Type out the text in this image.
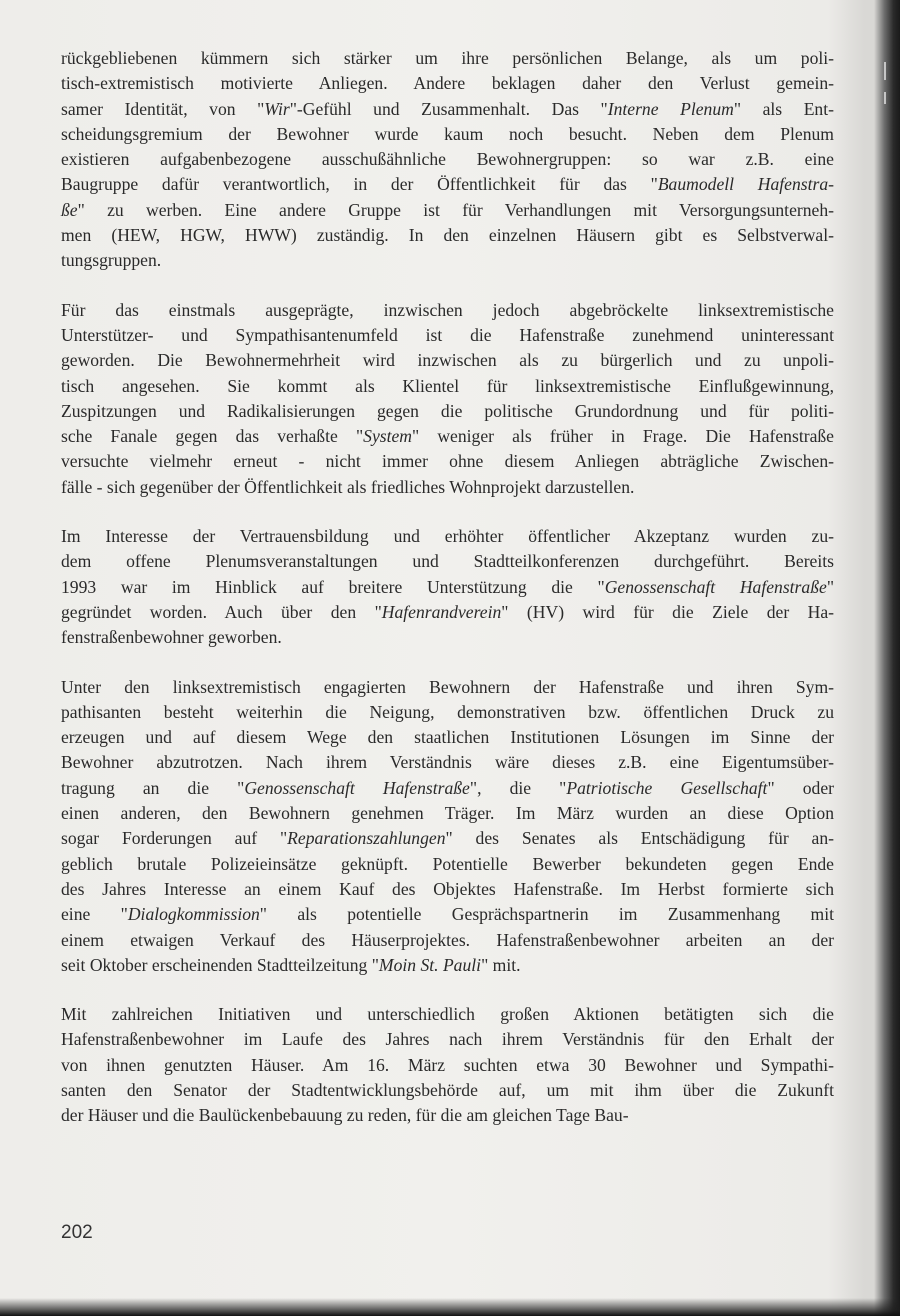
rückgebliebenen kümmern sich stärker um ihre persönlichen Belange, als um poli-
tisch-extremistisch motivierte Anliegen. Andere beklagen daher den Verlust gemein-
samer Identität, von "Wir"-Gefühl und Zusammenhalt. Das "Interne Plenum" als Ent-
scheidungsgremium der Bewohner wurde kaum noch besucht. Neben dem Plenum
existieren aufgabenbezogene ausschußähnliche Bewohnergruppen: so war z.B. eine
Baugruppe dafür verantwortlich, in der Öffentlichkeit für das "Baumodell Hafenstra-
ße" zu werben. Eine andere Gruppe ist für Verhandlungen mit Versorgungsunterneh-
men (HEW, HGW, HWW) zuständig. In den einzelnen Häusern gibt es Selbstverwal-
tungsgruppen.

Für das einstmals ausgeprägte, inzwischen jedoch abgebröckelte linksextremistische
Unterstützer- und Sympathisantenumfeld ist die Hafenstraße zunehmend uninteressant
geworden. Die Bewohnermehrheit wird inzwischen als zu bürgerlich und zu unpoli-
tisch angesehen. Sie kommt als Klientel für linksextremistische Einflußgewinnung,
Zuspitzungen und Radikalisierungen gegen die politische Grundordnung und für politi-
sche Fanale gegen das verhaßte "System" weniger als früher in Frage. Die Hafenstraße
versuchte vielmehr erneut - nicht immer ohne diesem Anliegen abträgliche Zwischen-
fälle - sich gegenüber der Öffentlichkeit als friedliches Wohnprojekt darzustellen.

Im Interesse der Vertrauensbildung und erhöhter öffentlicher Akzeptanz wurden zu-
dem offene Plenumsveranstaltungen und Stadtteilkonferenzen durchgeführt. Bereits
1993 war im Hinblick auf breitere Unterstützung die "Genossenschaft Hafenstraße"
gegründet worden. Auch über den "Hafenrandverein" (HV) wird für die Ziele der Ha-
fenstraßenbewohner geworben.

Unter den linksextremistisch engagierten Bewohnern der Hafenstraße und ihren Sym-
pathisanten besteht weiterhin die Neigung, demonstrativen bzw. öffentlichen Druck zu
erzeugen und auf diesem Wege den staatlichen Institutionen Lösungen im Sinne der
Bewohner abzutrotzen. Nach ihrem Verständnis wäre dieses z.B. eine Eigentumsüber-
tragung an die "Genossenschaft Hafenstraße", die "Patriotische Gesellschaft" oder
einen anderen, den Bewohnern genehmen Träger. Im März wurden an diese Option
sogar Forderungen auf "Reparationszahlungen" des Senates als Entschädigung für an-
geblich brutale Polizeieinsätze geknüpft. Potentielle Bewerber bekundeten gegen Ende
des Jahres Interesse an einem Kauf des Objektes Hafenstraße. Im Herbst formierte sich
eine "Dialogkommission" als potentielle Gesprächspartnerin im Zusammenhang mit
einem etwaigen Verkauf des Häuserprojektes. Hafenstraßenbewohner arbeiten an der
seit Oktober erscheinenden Stadtteilzeitung "Moin St. Pauli" mit.

Mit zahlreichen Initiativen und unterschiedlich großen Aktionen betätigten sich die
Hafenstraßenbewohner im Laufe des Jahres nach ihrem Verständnis für den Erhalt der
von ihnen genutzten Häuser. Am 16. März suchten etwa 30 Bewohner und Sympathi-
santen den Senator der Stadtentwicklungsbehörde auf, um mit ihm über die Zukunft
der Häuser und die Baulückenbebauung zu reden, für die am gleichen Tage Bau-

202
